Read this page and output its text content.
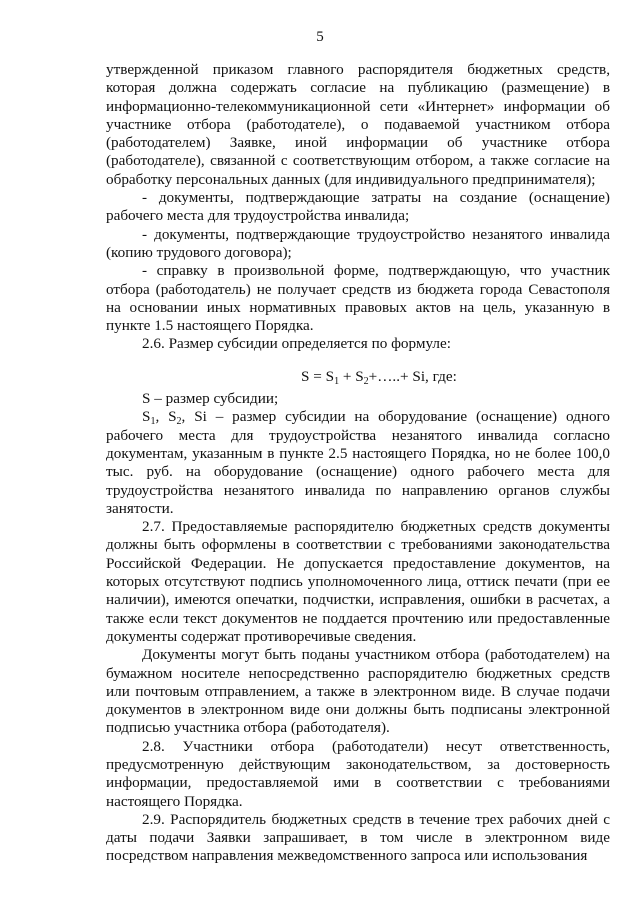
5

утвержденной приказом главного распорядителя бюджетных средств, которая должна содержать согласие на публикацию (размещение) в информационно-телекоммуникационной сети «Интернет» информации об участнике отбора (работодателе), о подаваемой участником отбора (работодателем) Заявке, иной информации об участнике отбора (работодателе), связанной с соответствующим отбором, а также согласие на обработку персональных данных (для индивидуального предпринимателя);

- документы, подтверждающие затраты на создание (оснащение) рабочего места для трудоустройства инвалида;

- документы, подтверждающие трудоустройство незанятого инвалида (копию трудового договора);

- справку в произвольной форме, подтверждающую, что участник отбора (работодатель) не получает средств из бюджета города Севастополя на основании иных нормативных правовых актов на цель, указанную в пункте 1.5 настоящего Порядка.

2.6. Размер субсидии определяется по формуле:

$S = S_1$ + $S_2+\dots..+ Si$, где:

S – размер субсидии;

$S_1$, $S_2$, Si – размер субсидии на оборудование (оснащение) одного рабочего места для трудоустройства незанятого инвалида согласно документам, указанным в пункте 2.5 настоящего Порядка, но не более 100,0 тыс. руб. на оборудование (оснащение) одного рабочего места для трудоустройства незанятого инвалида по направлению органов службы занятости.

2.7. Предоставляемые распорядителю бюджетных средств документы должны быть оформлены в соответствии с требованиями законодательства Российской Федерации. Не допускается предоставление документов, на которых отсутствуют подпись уполномоченного лица, оттиск печати (при ее наличии), имеются опечатки, подчистки, исправления, ошибки в расчетах, а также если текст документов не поддается прочтению или предоставленные документы содержат противоречивые сведения.

Документы могут быть поданы участником отбора (работодателем) на бумажном носителе непосредственно распорядителю бюджетных средств или почтовым отправлением, а также в электронном виде. В случае подачи документов в электронном виде они должны быть подписаны электронной подписью участника отбора (работодателя).

2.8. Участники отбора (работодатели) несут ответственность, предусмотренную действующим законодательством, за достоверность информации, предоставляемой ими в соответствии с требованиями настоящего Порядка.

2.9. Распорядитель бюджетных средств в течение трех рабочих дней с даты подачи Заявки запрашивает, в том числе в электронном виде посредством направления межведомственного запроса или использования
